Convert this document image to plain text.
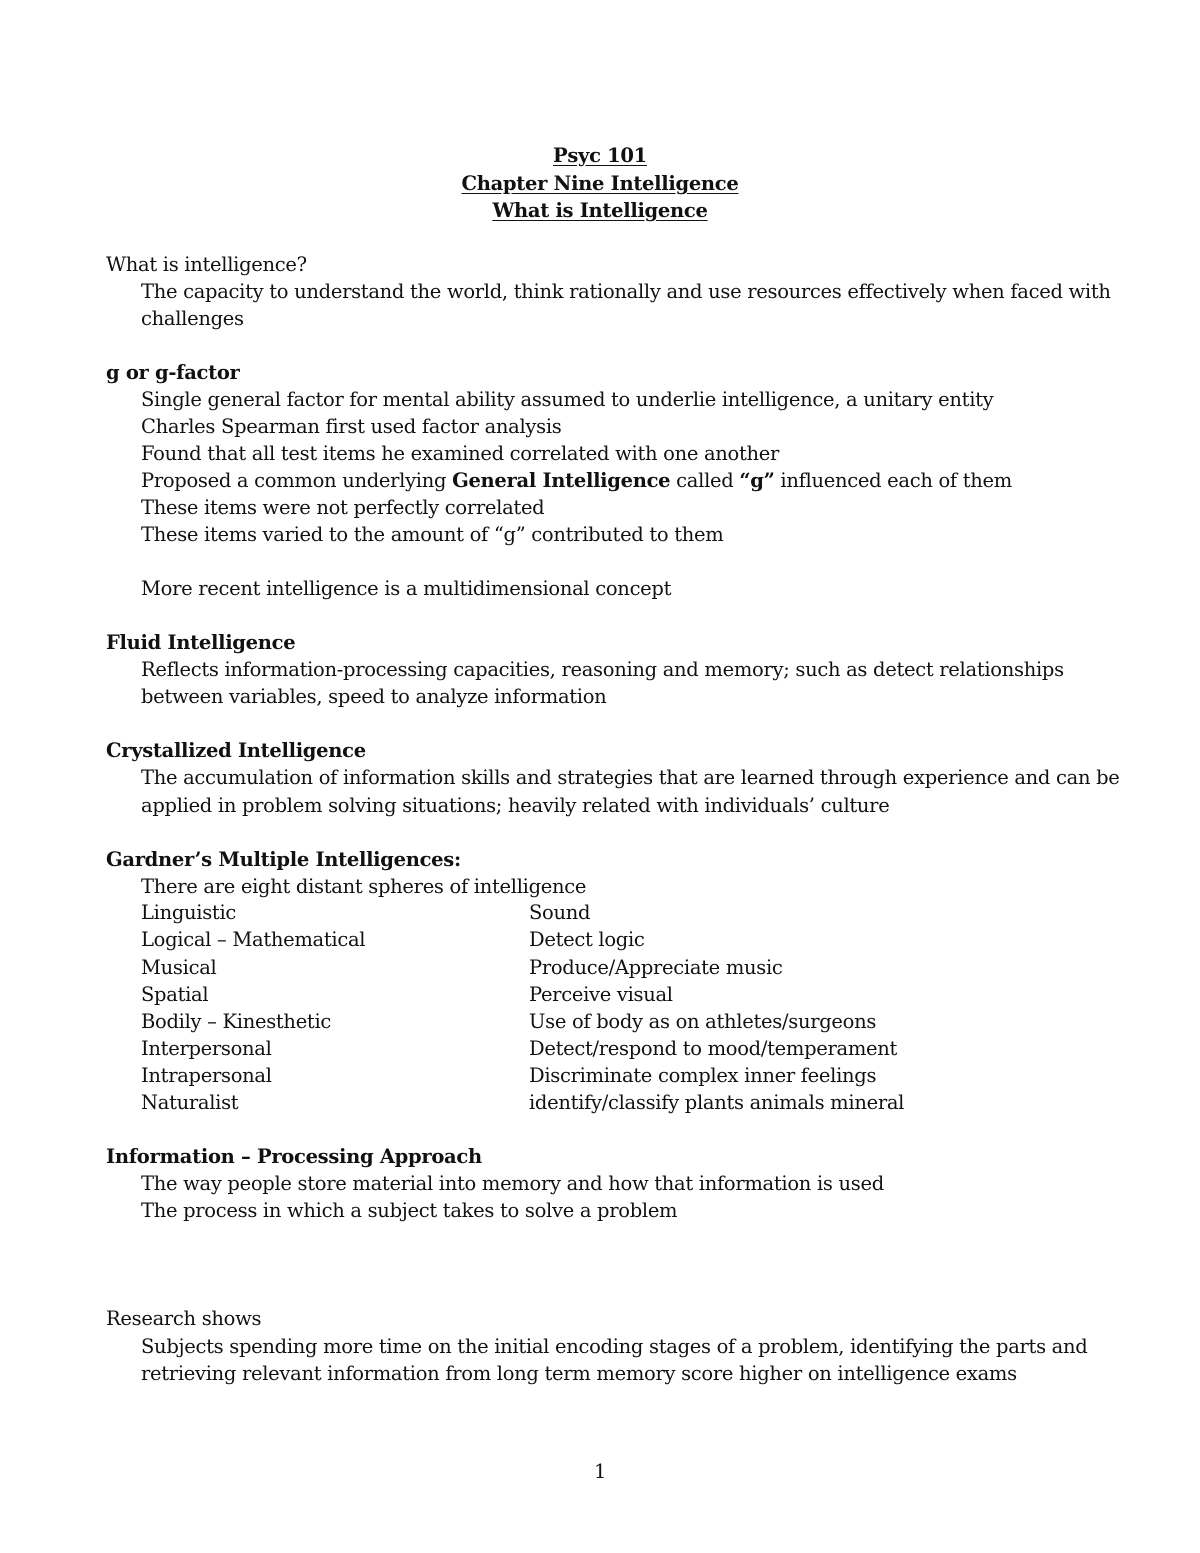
Psyc 101
Chapter Nine Intelligence
What is Intelligence
What is intelligence?
The capacity to understand the world, think rationally and use resources effectively when faced with
challenges
g or g-factor
Single general factor for mental ability assumed to underlie intelligence, a unitary entity
Charles Spearman first used factor analysis
Found that all test items he examined correlated with one another
Proposed a common underlying General Intelligence called “g” influenced each of them
These items were not perfectly correlated
These items varied to the amount of “g” contributed to them
More recent intelligence is a multidimensional concept
Fluid Intelligence
Reflects information-processing capacities, reasoning and memory; such as detect relationships
between variables, speed to analyze information
Crystallized Intelligence
The accumulation of information skills and strategies that are learned through experience and can be
applied in problem solving situations; heavily related with individuals’ culture
Gardner’s Multiple Intelligences:
There are eight distant spheres of intelligence
Linguistic	Sound
Logical – Mathematical	Detect logic
Musical	Produce/Appreciate music
Spatial	Perceive visual
Bodily – Kinesthetic	Use of body as on athletes/surgeons
Interpersonal	Detect/respond to mood/temperament
Intrapersonal	Discriminate complex inner feelings
Naturalist	identify/classify plants animals mineral
Information – Processing Approach
The way people store material into memory and how that information is used
The process in which a subject takes to solve a problem
Research shows
Subjects spending more time on the initial encoding stages of a problem, identifying the parts and
retrieving relevant information from long term memory score higher on intelligence exams
1
